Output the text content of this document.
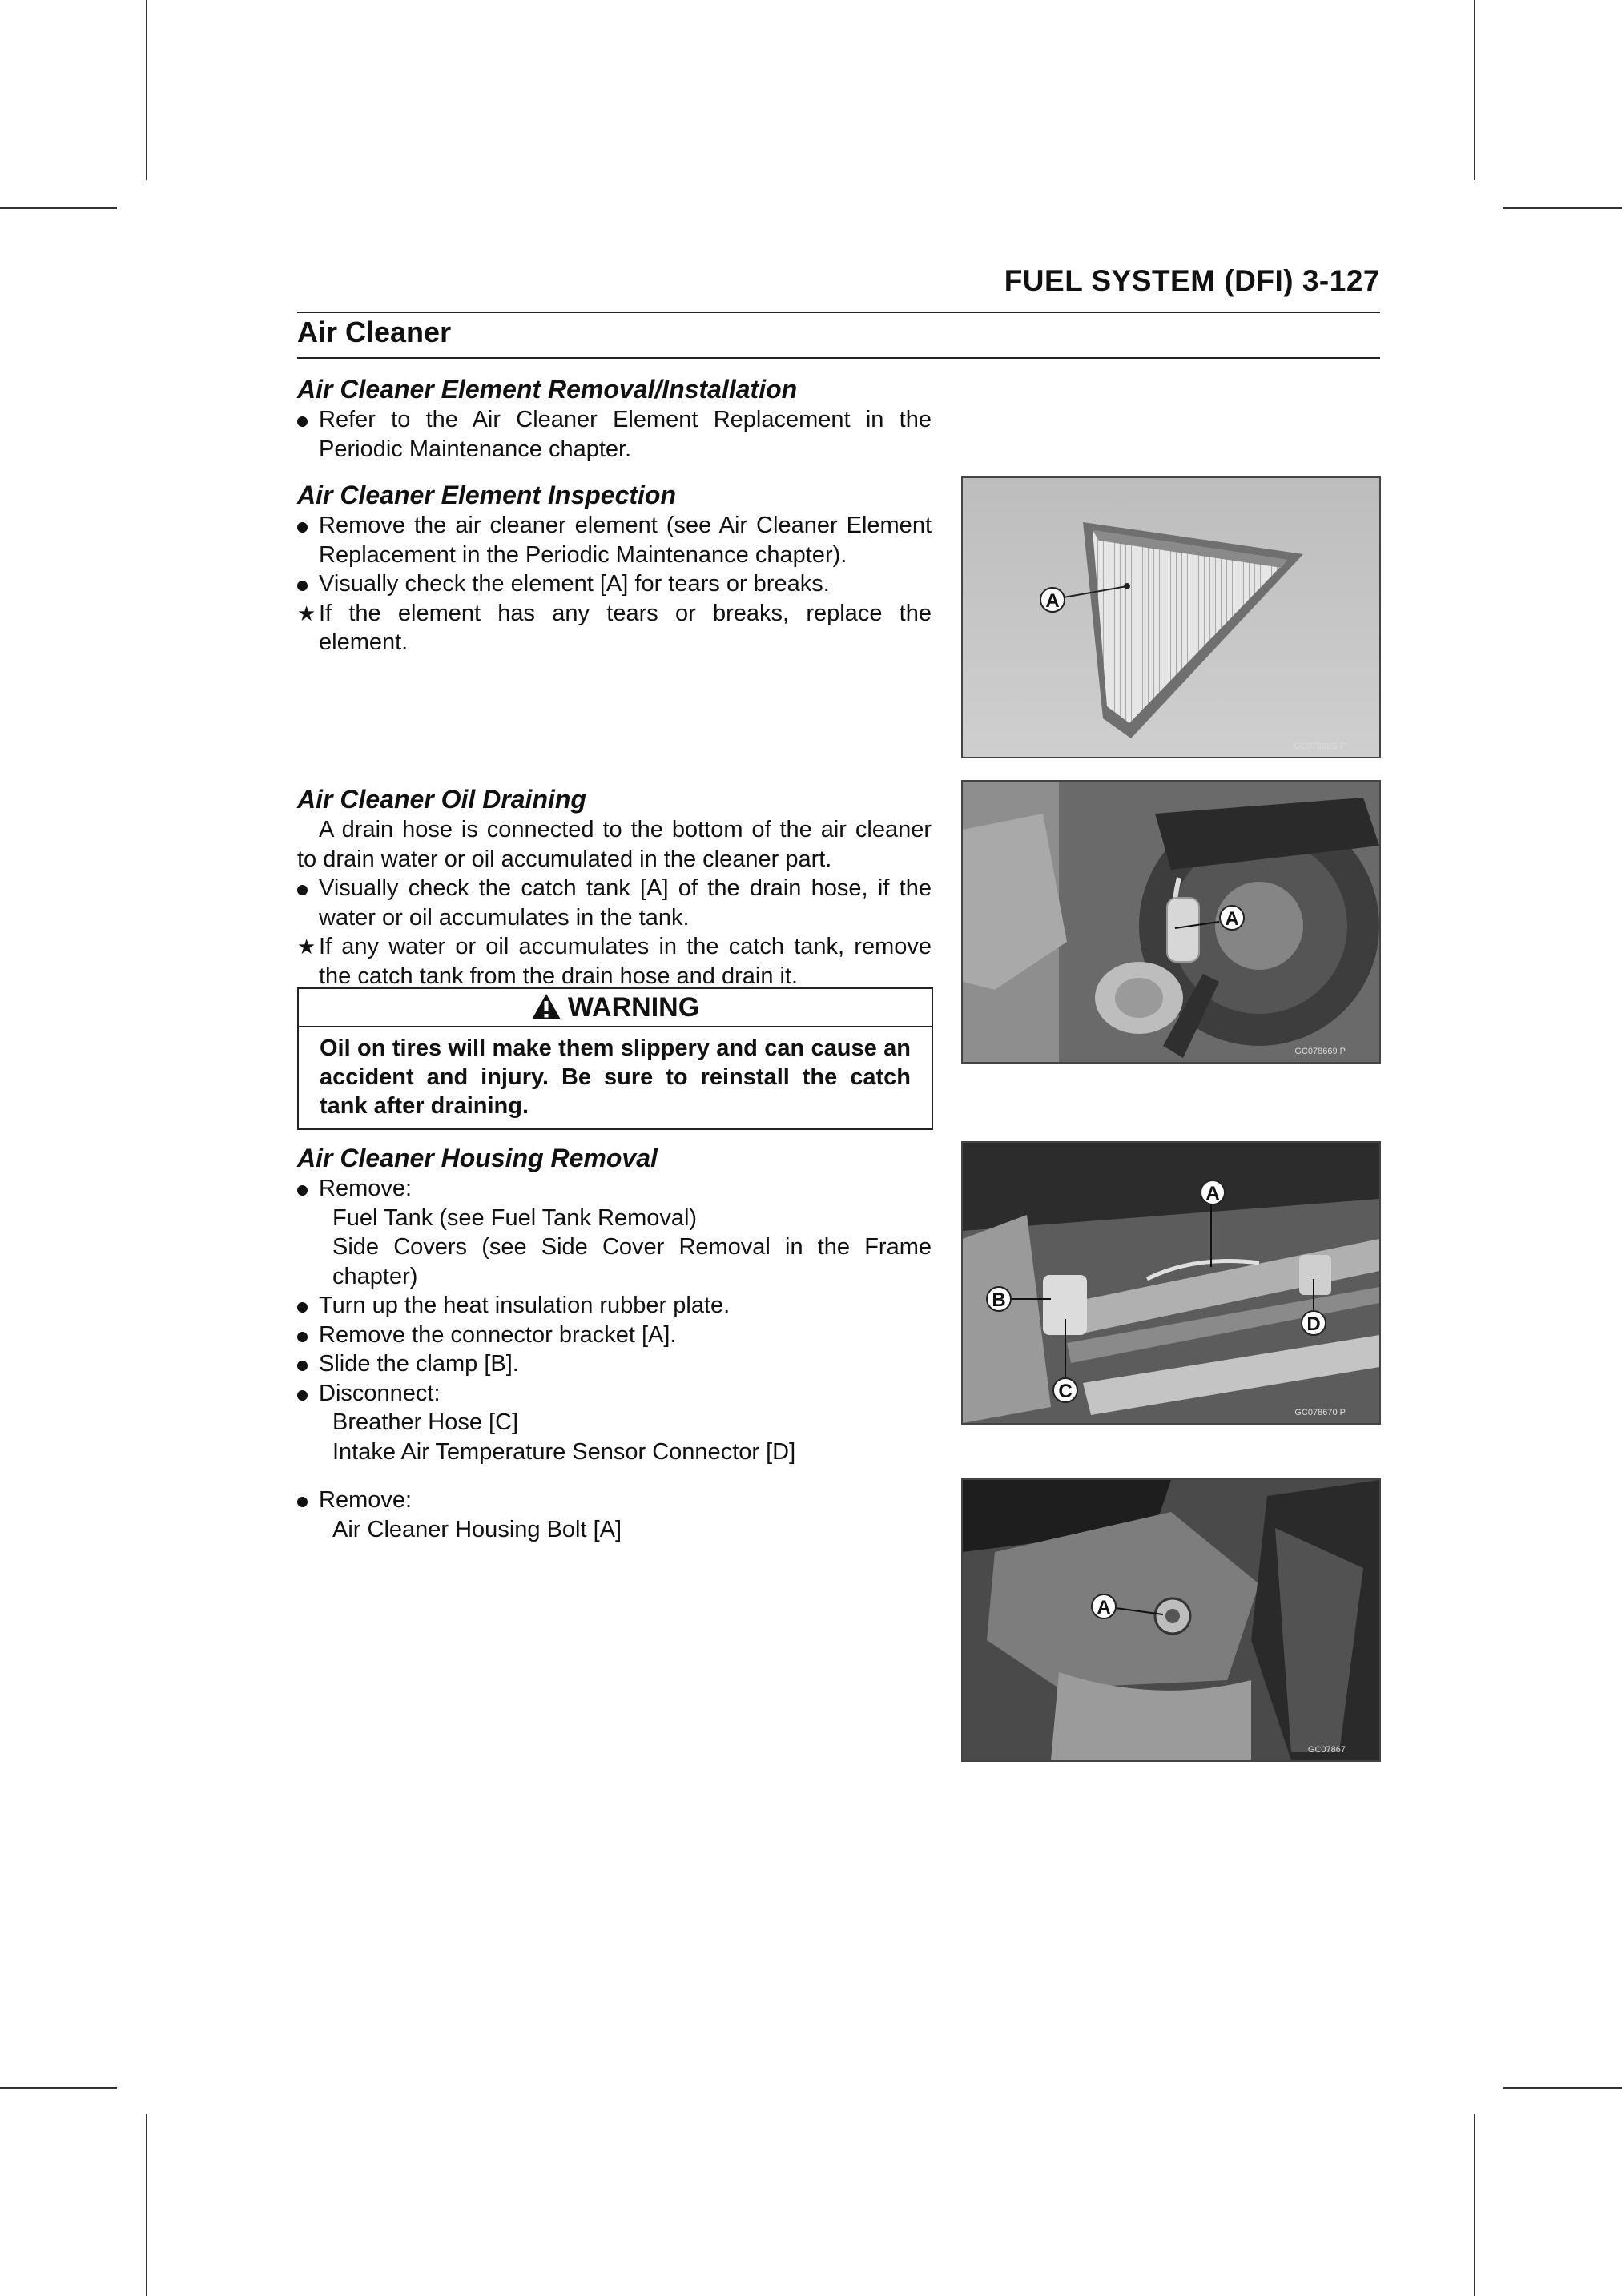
FUEL SYSTEM (DFI) 3-127
Air Cleaner
Air Cleaner Element Removal/Installation
Refer to the Air Cleaner Element Replacement in the Periodic Maintenance chapter.
Air Cleaner Element Inspection
Remove the air cleaner element (see Air Cleaner Element Replacement in the Periodic Maintenance chapter).
Visually check the element [A] for tears or breaks.
★ If the element has any tears or breaks, replace the element.
Air Cleaner Oil Draining
A drain hose is connected to the bottom of the air cleaner to drain water or oil accumulated in the cleaner part.
Visually check the catch tank [A] of the drain hose, if the water or oil accumulates in the tank.
★ If any water or oil accumulates in the catch tank, remove the catch tank from the drain hose and drain it.
WARNING
Oil on tires will make them slippery and can cause an accident and injury. Be sure to reinstall the catch tank after draining.
Air Cleaner Housing Removal
Remove:
Fuel Tank (see Fuel Tank Removal)
Side Covers (see Side Cover Removal in the Frame chapter)
Turn up the heat insulation rubber plate.
Remove the connector bracket [A].
Slide the clamp [B].
Disconnect:
Breather Hose [C]
Intake Air Temperature Sensor Connector [D]
Remove:
Air Cleaner Housing Bolt [A]
A
GC07868S P
A
GC078669 P
A
B
C
D
GC078670 P
A
GC07867
